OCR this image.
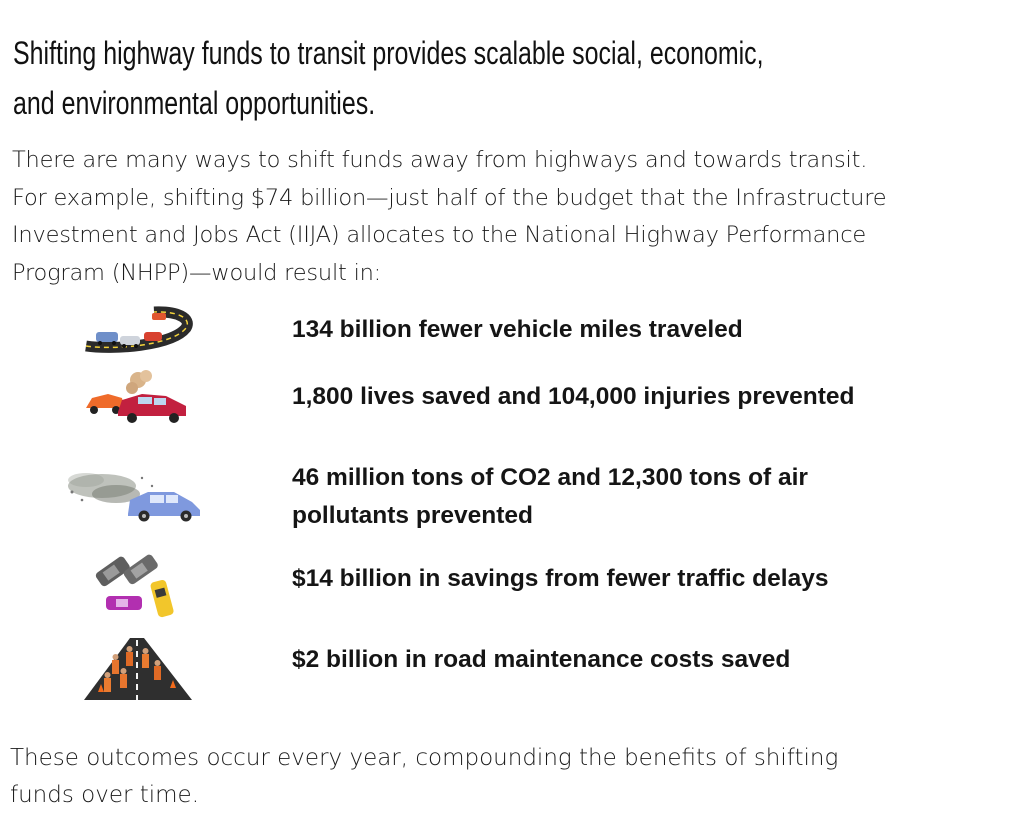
Shifting highway funds to transit provides scalable social, economic,
and environmental opportunities.
There are many ways to shift funds away from highways and towards transit.
For example, shifting $74 billion—just half of the budget that the Infrastructure
Investment and Jobs Act (IIJA) allocates to the National Highway Performance
Program (NHPP)—would result in:
134 billion fewer vehicle miles traveled
1,800 lives saved and 104,000 injuries prevented
46 million tons of CO2 and 12,300 tons of air
pollutants prevented
$14 billion in savings from fewer traffic delays
$2 billion in road maintenance costs saved
These outcomes occur every year, compounding the benefits of shifting
funds over time.
